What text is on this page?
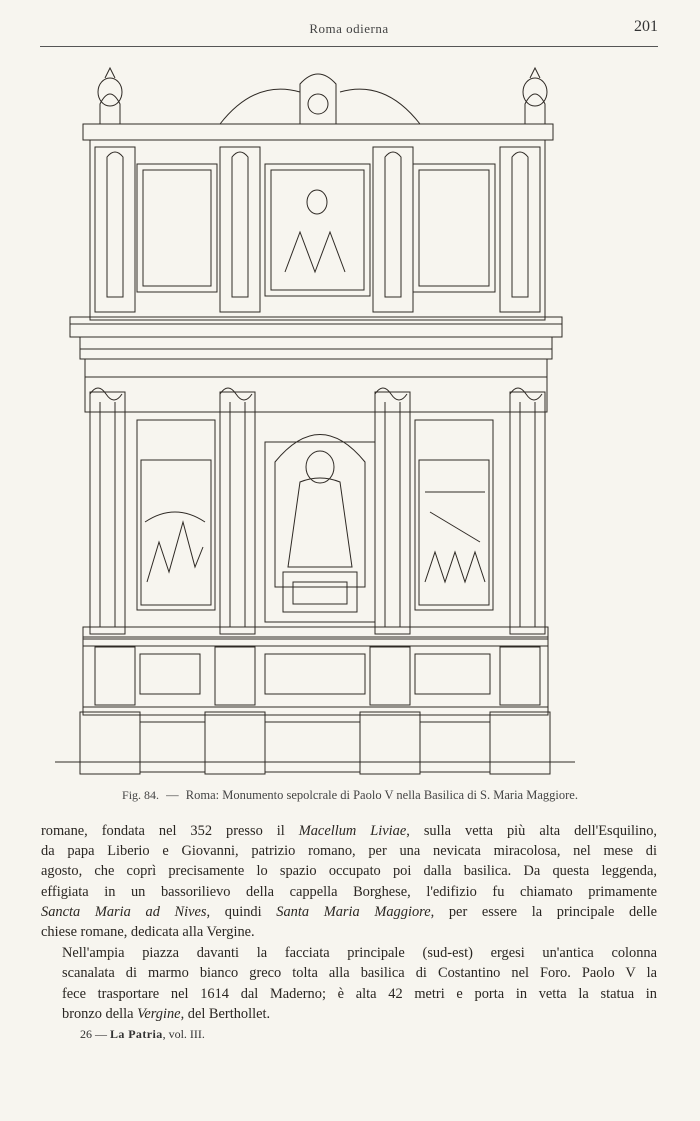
Roma odierna	201
Fig. 84. — Roma: Monumento sepolcrale di Paolo V nella Basilica di S. Maria Maggiore.

romane, fondata nel 352 presso il Macellum Liviae, sulla vetta più alta dell'Esquilino,
da papa Liberio e Giovanni, patrizio romano, per una nevicata miracolosa, nel mese di
agosto, che coprì precisamente lo spazio occupato poi dalla basilica. Da questa leggenda,
effigiata in un bassorilievo della cappella Borghese, l'edifizio fu chiamato primamente
Sancta Maria ad Nives, quindi Santa Maria Maggiore, per essere la principale delle
chiese romane, dedicata alla Vergine.

Nell'ampia piazza davanti la facciata principale (sud-est) ergesi un'antica colonna
scanalata di marmo bianco greco tolta alla basilica di Costantino nel Foro. Paolo V la
fece trasportare nel 1614 dal Maderno; è alta 42 metri e porta in vetta la statua in
bronzo della Vergine, del Berthollet.

26 — La Patria, vol. III.
